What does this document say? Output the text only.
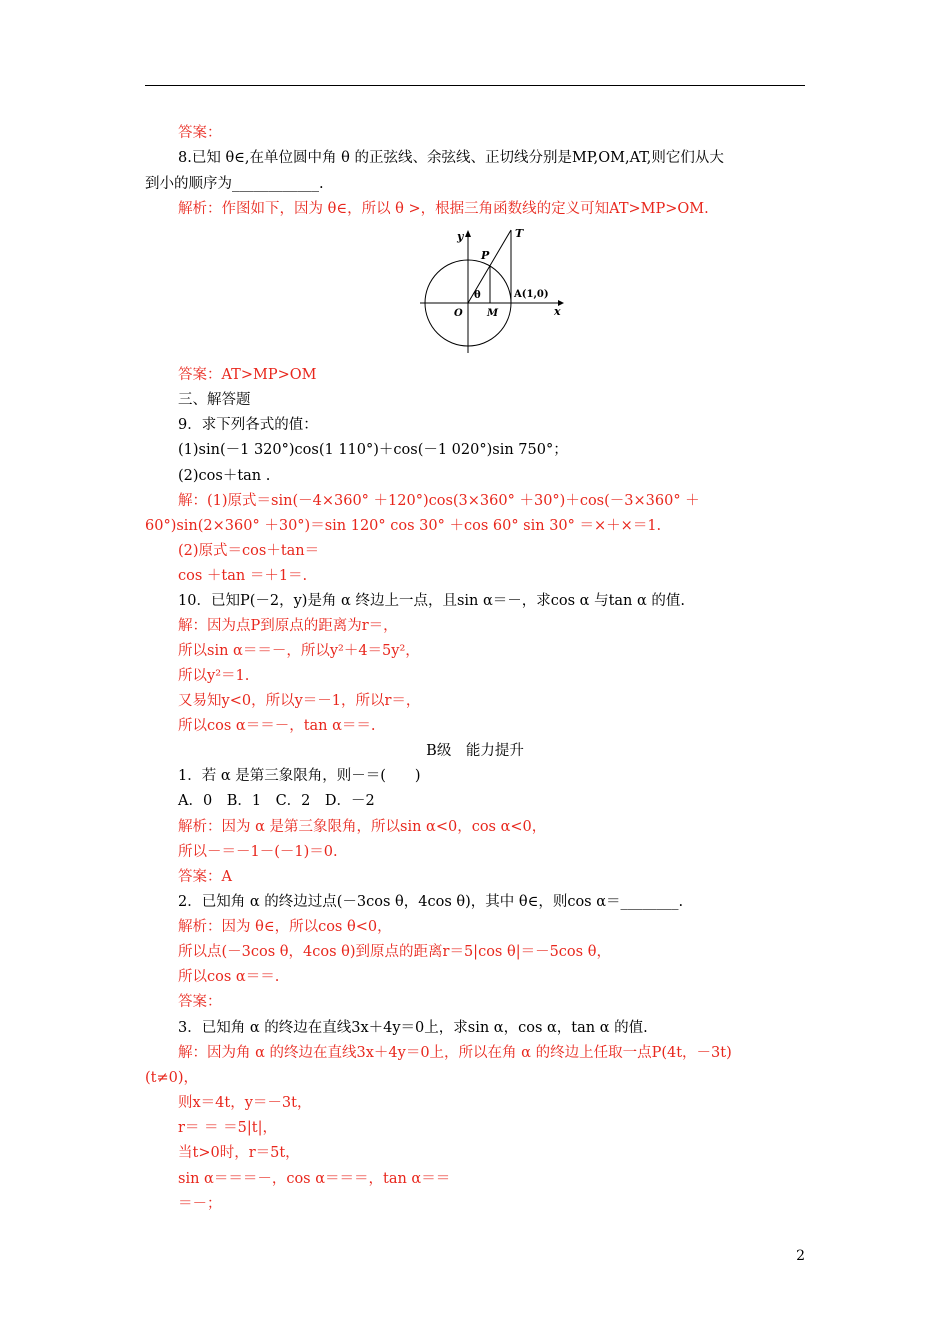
答案：
8.已知 θ∈,在单位圆中角 θ 的正弦线、余弦线、正切线分别是MP,OM,AT,则它们从大
到小的顺序为____________.
解析：作图如下，因为 θ∈，所以 θ >，根据三角函数线的定义可知AT>MP>OM.
y	T
P
θ	A(1,0)
O M	x
答案：AT>MP>OM
三、解答题
9．求下列各式的值：
(1)sin(－1 320°)cos(1 110°)＋cos(－1 020°)sin 750°；
(2)cos＋tan .
解：(1)原式＝sin(－4×360° ＋120°)cos(3×360° ＋30°)＋cos(－3×360° ＋
60°)sin(2×360° ＋30°)＝sin 120° cos 30° ＋cos 60° sin 30° ＝×＋×＝1.
(2)原式＝cos＋tan＝
cos ＋tan ＝＋1＝.
10．已知P(－2，y)是角 α 终边上一点，且sin α＝－，求cos α 与tan α 的值.
解：因为点P到原点的距离为r＝，
所以sin α＝＝－，所以y²＋4＝5y²，
所以y²＝1.
又易知y<0，所以y＝－1，所以r＝，
所以cos α＝＝－，tan α＝＝.
B级　能力提升
1．若 α 是第三象限角，则－＝(　　)
A．0　B．1　C．2　D．－2
解析：因为 α 是第三象限角，所以sin α<0，cos α<0，
所以－＝－1－(－1)＝0.
答案：A
2．已知角 α 的终边过点(－3cos θ，4cos θ)，其中 θ∈，则cos α＝________.
解析：因为 θ∈，所以cos θ<0，
所以点(－3cos θ，4cos θ)到原点的距离r＝5|cos θ|＝－5cos θ，
所以cos α＝＝.
答案：
3．已知角 α 的终边在直线3x＋4y＝0上，求sin α，cos α，tan α 的值.
解：因为角 α 的终边在直线3x＋4y＝0上，所以在角 α 的终边上任取一点P(4t，－3t)
(t≠0)，
则x＝4t，y＝－3t，
r＝ ＝ ＝5|t|，
当t>0时，r＝5t，
sin α＝＝＝－，cos α＝＝＝，tan α＝＝
＝－；
2
